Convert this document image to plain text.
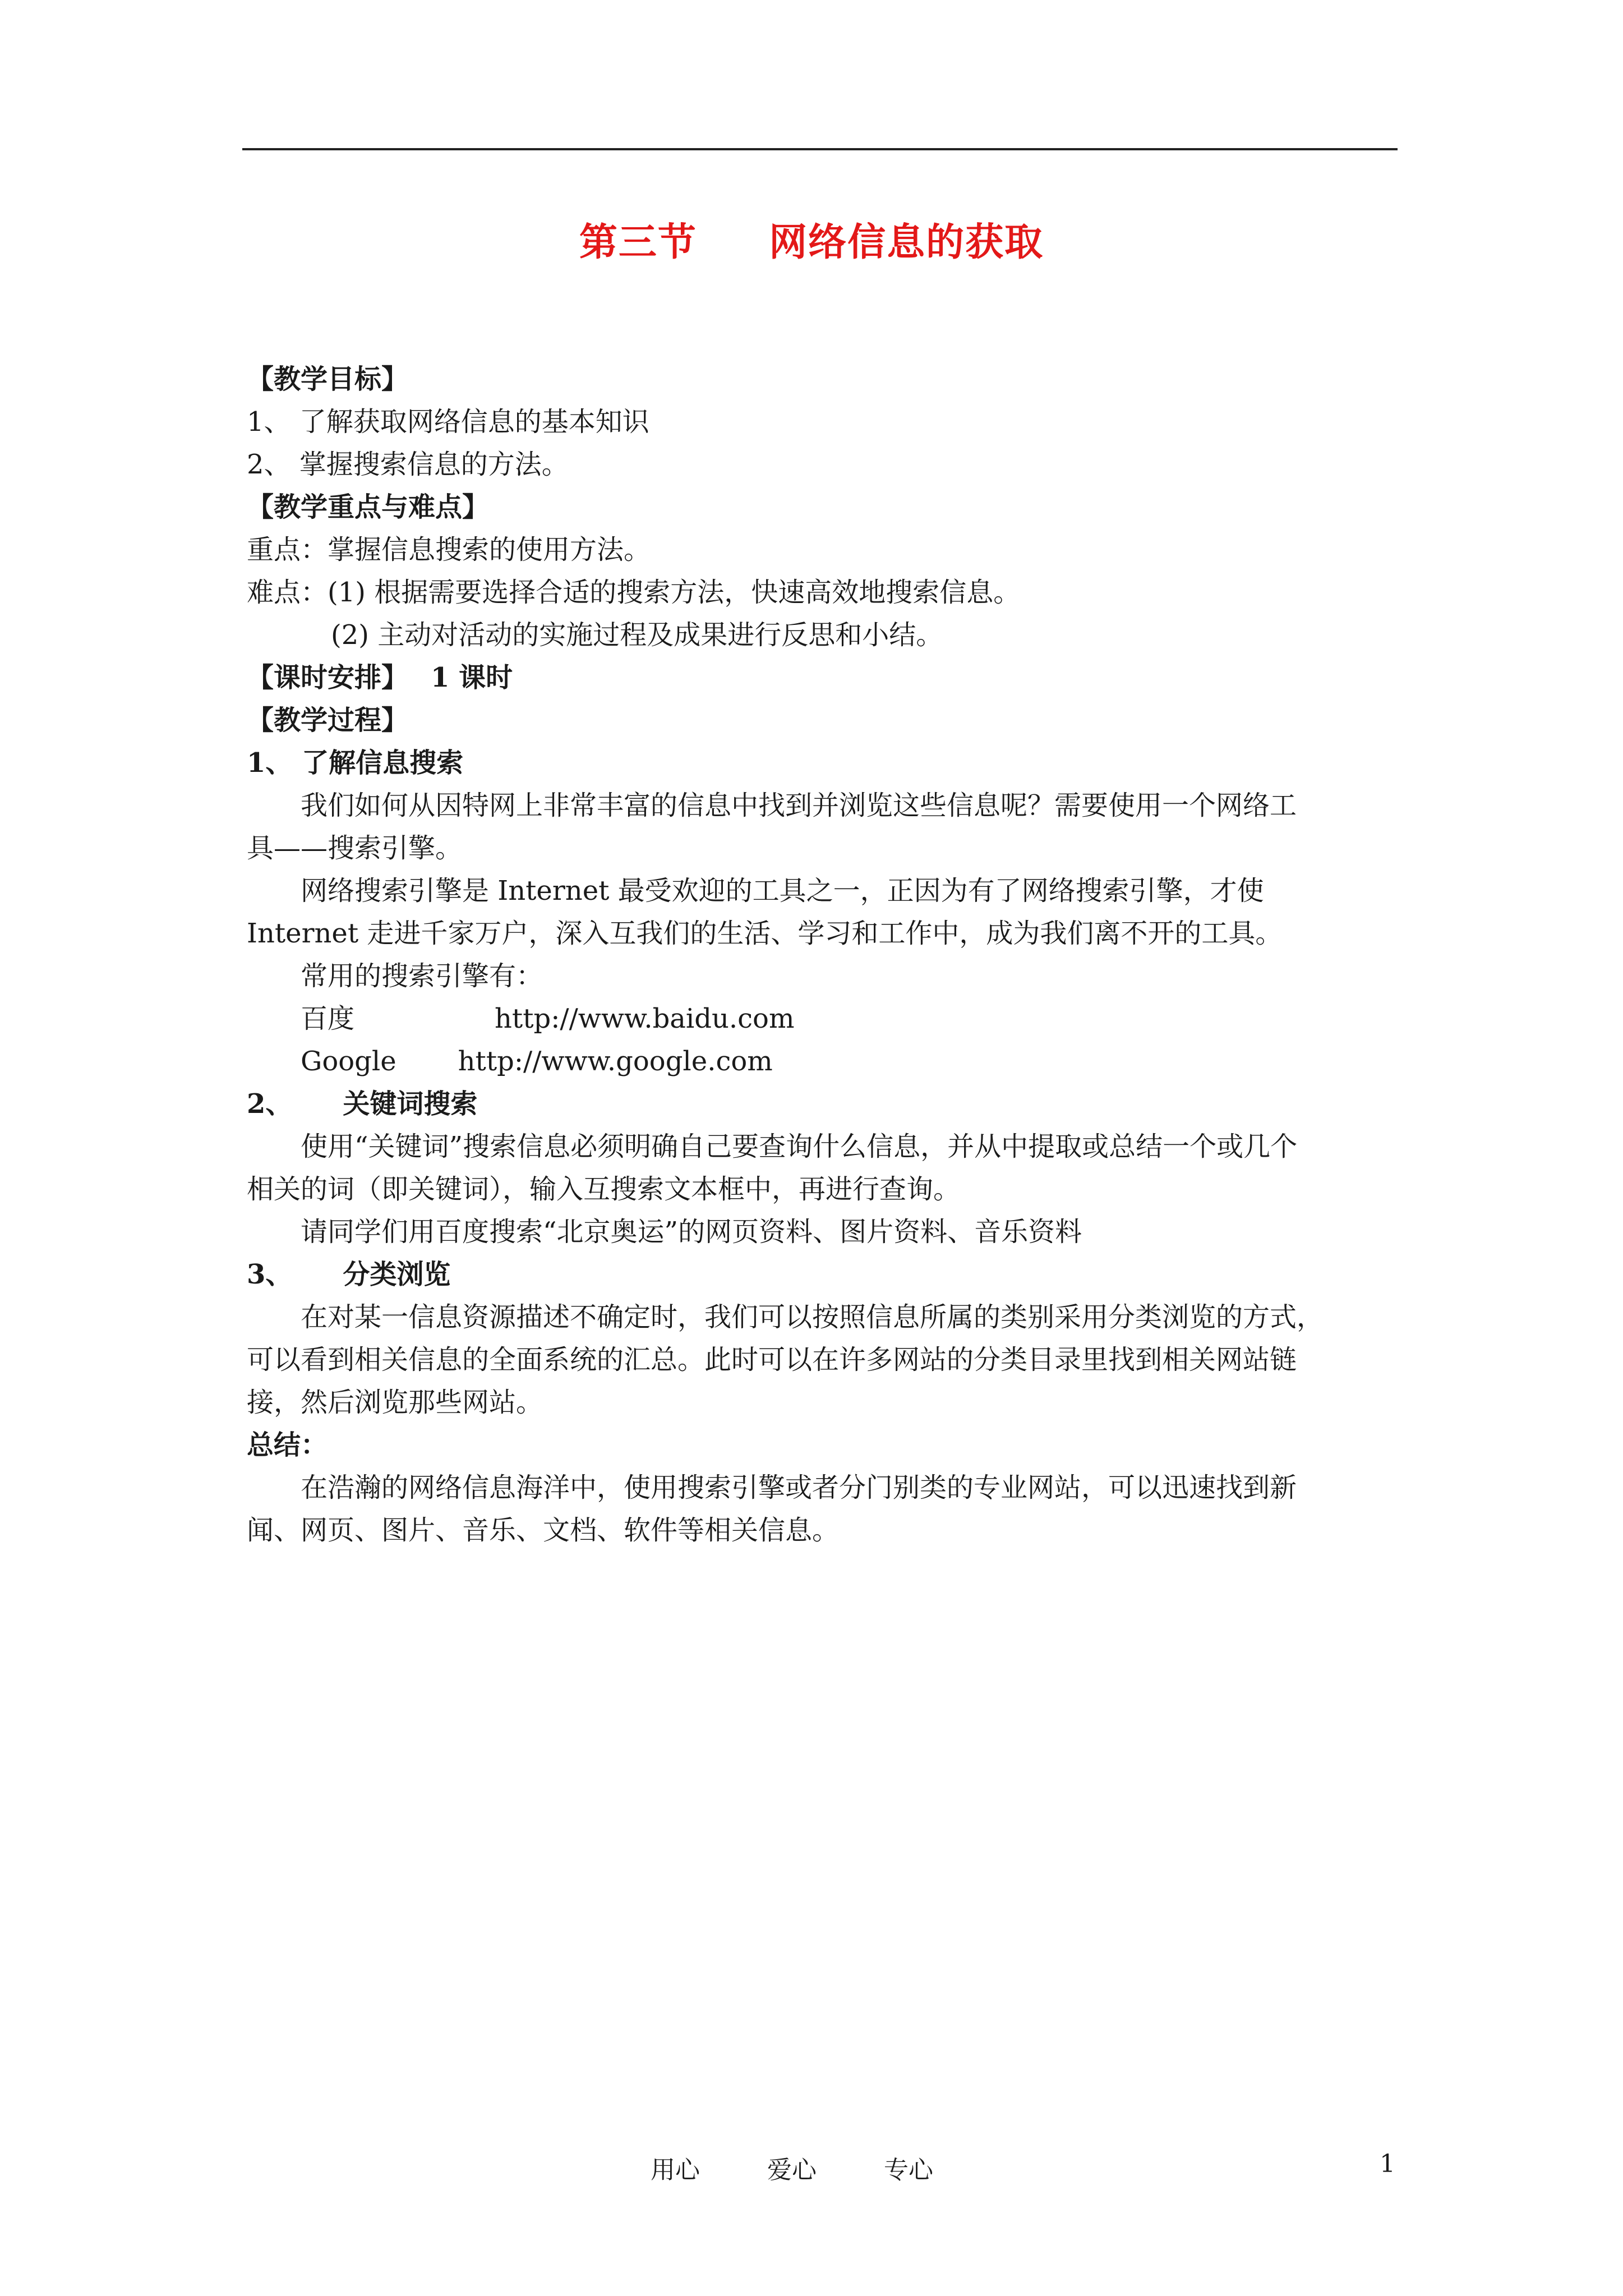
第三节     网络信息的获取
【教学目标】
1、 了解获取网络信息的基本知识
2、 掌握搜索信息的方法。
【教学重点与难点】
重点：掌握信息搜索的使用方法。
难点：(1) 根据需要选择合适的搜索方法，快速高效地搜索信息。
(2) 主动对活动的实施过程及成果进行反思和小结。
【课时安排】 1 课时
【教学过程】
1、 了解信息搜索
我们如何从因特网上非常丰富的信息中找到并浏览这些信息呢？需要使用一个网络工
具——搜索引擎。
网络搜索引擎是 Internet 最受欢迎的工具之一，正因为有了网络搜索引擎，才使
Internet 走进千家万户，深入互我们的生活、学习和工作中，成为我们离不开的工具。
常用的搜索引擎有：
百度	http://www.baidu.com
Google http://www.google.com
2、 关键词搜索
使用“关键词”搜索信息必须明确自己要查询什么信息，并从中提取或总结一个或几个
相关的词（即关键词），输入互搜索文本框中，再进行查询。
请同学们用百度搜索“北京奥运”的网页资料、图片资料、音乐资料
3、 分类浏览
在对某一信息资源描述不确定时，我们可以按照信息所属的类别采用分类浏览的方式，
可以看到相关信息的全面系统的汇总。此时可以在许多网站的分类目录里找到相关网站链
接，然后浏览那些网站。
总结：
在浩瀚的网络信息海洋中，使用搜索引擎或者分门别类的专业网站，可以迅速找到新
闻、网页、图片、音乐、文档、软件等相关信息。
用心	爱心	专心	1
